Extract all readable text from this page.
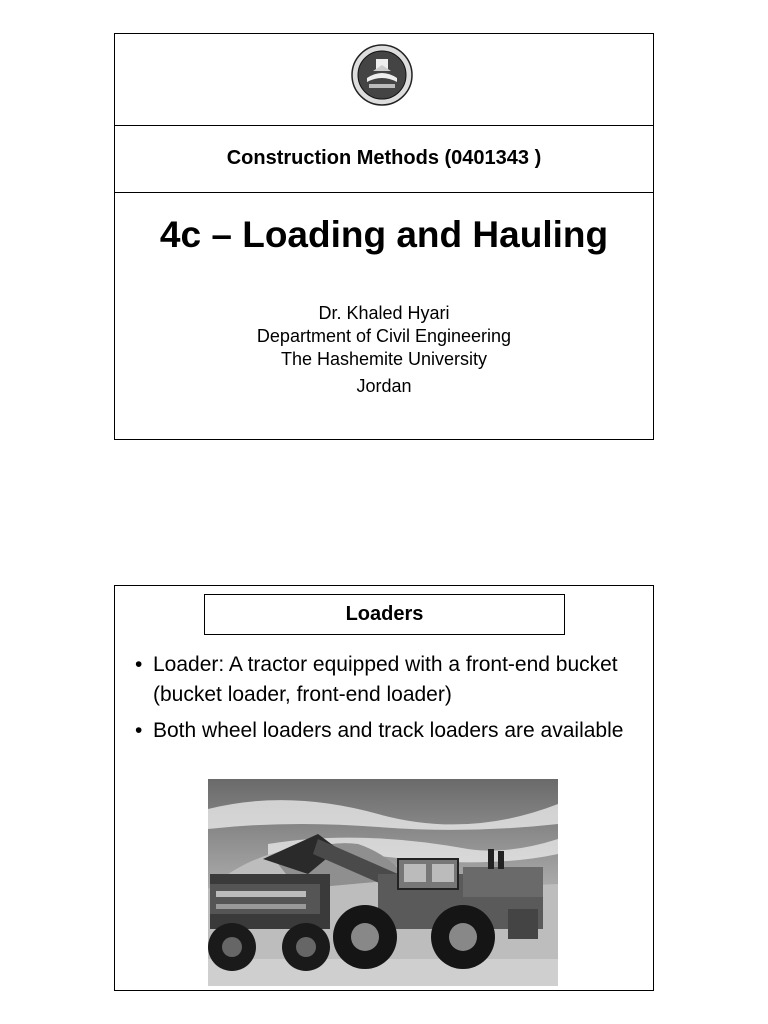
• • • •
Construction Methods (0401343 )
4c – Loading and Hauling
Dr. Khaled Hyari
Department of Civil Engineering
The Hashemite University
Jordan
Loaders
• Loader: A tractor equipped with a front-end bucket (bucket loader, front-end loader)
• Both wheel loaders and track loaders are available
